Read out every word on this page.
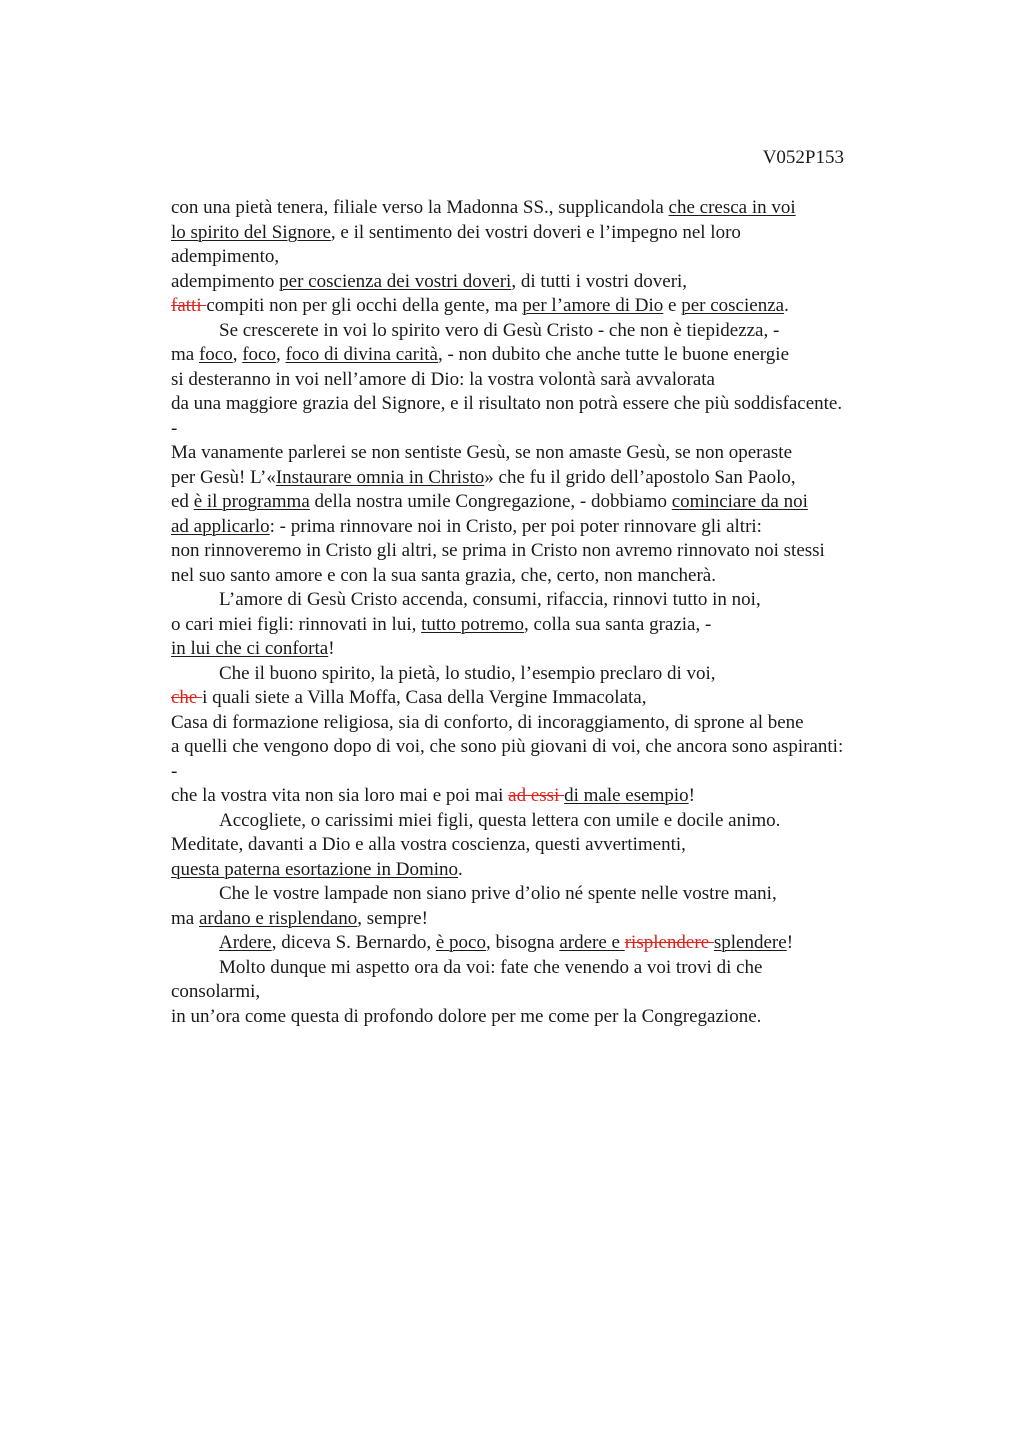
V052P153
con una pietà tenera, filiale verso la Madonna SS., supplicandola che cresca in voi
lo spirito del Signore, e il sentimento dei vostri doveri e l’impegno nel loro
adempimento,
adempimento per coscienza dei vostri doveri, di tutti i vostri doveri,
fatti compiti non per gli occhi della gente, ma per l’amore di Dio e per coscienza.
Se crescerete in voi lo spirito vero di Gesù Cristo - che non è tiepidezza, -
ma foco, foco, foco di divina carità, - non dubito che anche tutte le buone energie
si desteranno in voi nell’amore di Dio: la vostra volontà sarà avvalorata
da una maggiore grazia del Signore, e il risultato non potrà essere che più soddisfacente.
-
Ma vanamente parlerei se non sentiste Gesù, se non amaste Gesù, se non operaste
per Gesù! L’«Instaurare omnia in Christo» che fu il grido dell’apostolo San Paolo,
ed è il programma della nostra umile Congregazione, - dobbiamo cominciare da noi
ad applicarlo: - prima rinnovare noi in Cristo, per poi poter rinnovare gli altri:
non rinnoveremo in Cristo gli altri, se prima in Cristo non avremo rinnovato noi stessi
nel suo santo amore e con la sua santa grazia, che, certo, non mancherà.
L’amore di Gesù Cristo accenda, consumi, rifaccia, rinnovi tutto in noi,
o cari miei figli: rinnovati in lui, tutto potremo, colla sua santa grazia, -
in lui che ci conforta!
Che il buono spirito, la pietà, lo studio, l’esempio preclaro di voi,
che i quali siete a Villa Moffa, Casa della Vergine Immacolata,
Casa di formazione religiosa, sia di conforto, di incoraggiamento, di sprone al bene
a quelli che vengono dopo di voi, che sono più giovani di voi, che ancora sono aspiranti:
-
che la vostra vita non sia loro mai e poi mai ad essi di male esempio!
Accogliete, o carissimi miei figli, questa lettera con umile e docile animo.
Meditate, davanti a Dio e alla vostra coscienza, questi avvertimenti,
questa paterna esortazione in Domino.
Che le vostre lampade non siano prive d’olio né spente nelle vostre mani,
ma ardano e risplendano, sempre!
Ardere, diceva S. Bernardo, è poco, bisogna ardere e risplendere splendere!
Molto dunque mi aspetto ora da voi: fate che venendo a voi trovi di che
consolarmi,
in un’ora come questa di profondo dolore per me come per la Congregazione.
